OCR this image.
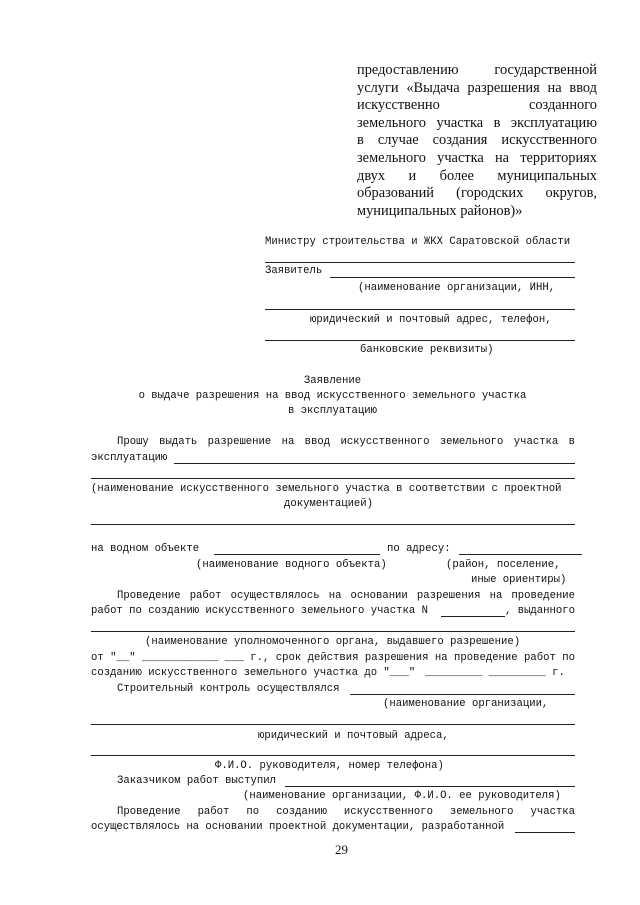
предоставлению государственной
услуги «Выдача разрешения на ввод
искусственно созданного
земельного участка в эксплуатацию
в случае создания искусственного
земельного участка на территориях
двух и более муниципальных
образований (городских округов,
муниципальных районов)»
Министру строительства и ЖКХ Саратовской области
Заявитель
(наименование организации, ИНН,
юридический и почтовый адрес, телефон,
банковские реквизиты)
Заявление
о выдаче разрешения на ввод искусственного земельного участка
в эксплуатацию
Прошу выдать разрешение на ввод искусственного земельного участка в
эксплуатацию
(наименование искусственного земельного участка в соответствии с проектной
документацией)
на водном объекте	по адресу:
(наименование водного объекта)	(район, поселение,
иные ориентиры)
Проведение работ осуществлялось на основании разрешения на проведение
работ по созданию искусственного земельного участка N	, выданного
(наименование уполномоченного органа, выдавшего разрешение)
от "__" ____________ ___ г., срок действия разрешения на проведение работ по
созданию искусственного земельного участка до "___" _________ _________ г.
Строительный контроль осуществлялся
(наименование организации,
юридический и почтовый адреса,
Ф.И.О. руководителя, номер телефона)
Заказчиком работ выступил
(наименование организации, Ф.И.О. ее руководителя)
Проведение работ по созданию искусственного земельного участка
осуществлялось на основании проектной документации, разработанной
29
